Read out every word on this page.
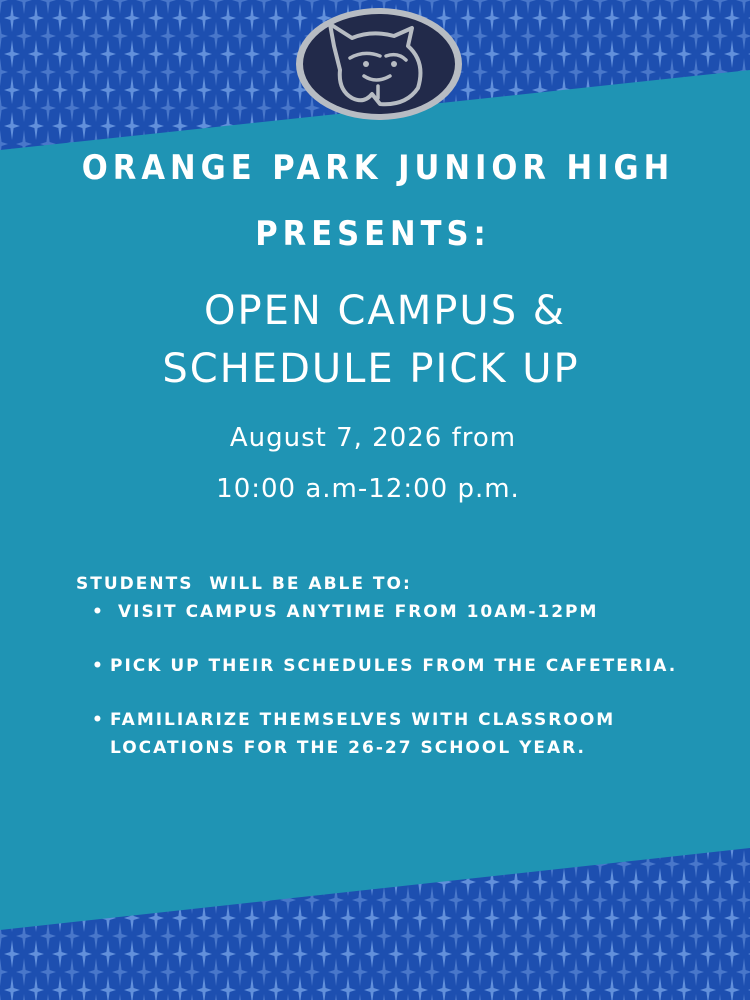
ORANGE PARK JUNIOR HIGH
PRESENTS:

OPEN CAMPUS &

SCHEDULE PICK UP

August 7, 2026 from

10:00 a.m-12:00 p.m.

STUDENTS  WILL BE ABLE TO:

• VISIT CAMPUS ANYTIME FROM 10AM-12PM
• PICK UP THEIR SCHEDULES FROM THE CAFETERIA.
• FAMILIARIZE THEMSELVES WITH CLASSROOM LOCATIONS FOR THE 26-27 SCHOOL YEAR.
